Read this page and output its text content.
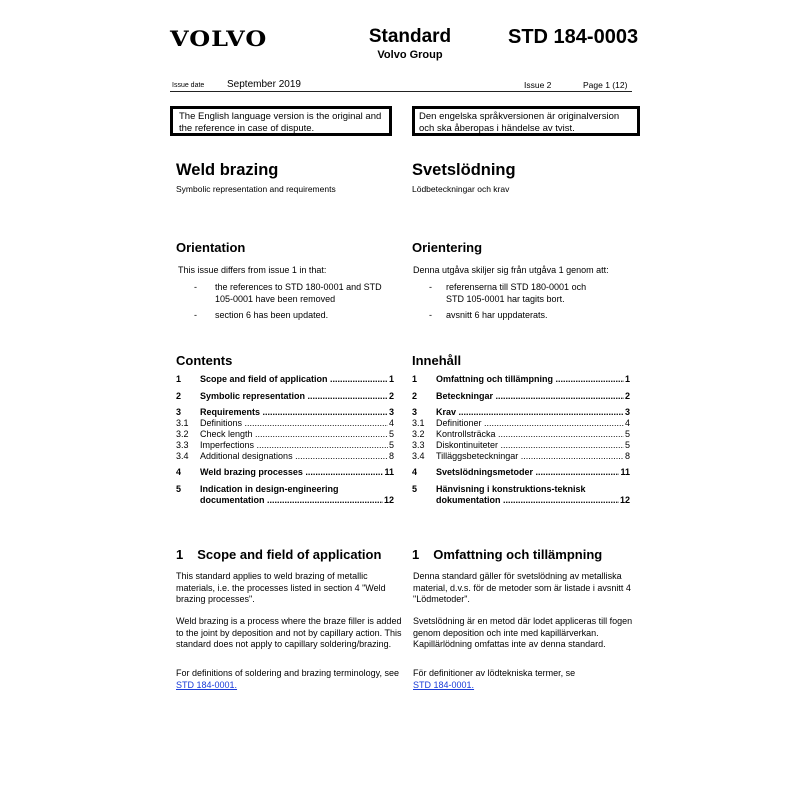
VOLVO	Standard
Volvo Group
STD 184-0003
Issue date September 2019	Issue 2	Page 1 (12)
The English language version is the original and the reference in case of dispute.
Den engelska språkversionen är originalversion och ska åberopas i händelse av tvist.
Weld brazing
Symbolic representation and requirements
Svetslödning
Lödbeteckningar och krav
Orientation
This issue differs from issue 1 in that:
- the references to STD 180-0001 and STD 105-0001 have been removed
- section 6 has been updated.
Orientering
Denna utgåva skiljer sig från utgåva 1 genom att:
- referenserna till STD 180-0001 och STD 105-0001 har tagits bort.
- avsnitt 6 har uppdaterats.
Contents
1	Scope and field of application .....	1
2	Symbolic representation .....	2
3	Requirements .....	3
3.1	Definitions .....	4
3.2	Check length .....	5
3.3	Imperfections .....	5
3.4	Additional designations .....	8
4	Weld brazing processes .....	11
5	Indication in design-engineering
documentation .....	12
Innehåll
1	Omfattning och tillämpning .....	1
2	Beteckningar .....	2
3	Krav .....	3
3.1	Definitioner .....	4
3.2	Kontrollsträcka .....	5
3.3	Diskontinuiteter .....	5
3.4	Tilläggsbeteckningar .....	8
4	Svetslödningsmetoder .....	11
5	Hänvisning i konstruktions-teknisk
dokumentation .....	12
1 Scope and field of application
This standard applies to weld brazing of metallic materials, i.e. the processes listed in section 4 "Weld brazing processes".
Weld brazing is a process where the braze filler is added to the joint by deposition and not by capillary action. This standard does not apply to capillary soldering/brazing.
For definitions of soldering and brazing terminology, see STD 184-0001.
1 Omfattning och tillämpning
Denna standard gäller för svetslödning av metalliska material, d.v.s. för de metoder som är listade i avsnitt 4 "Lödmetoder".
Svetslödning är en metod där lodet appliceras till fogen genom deposition och inte med kapillärverkan. Kapillärlödning omfattas inte av denna standard.
För definitioner av lödtekniska termer, se
STD 184-0001.
